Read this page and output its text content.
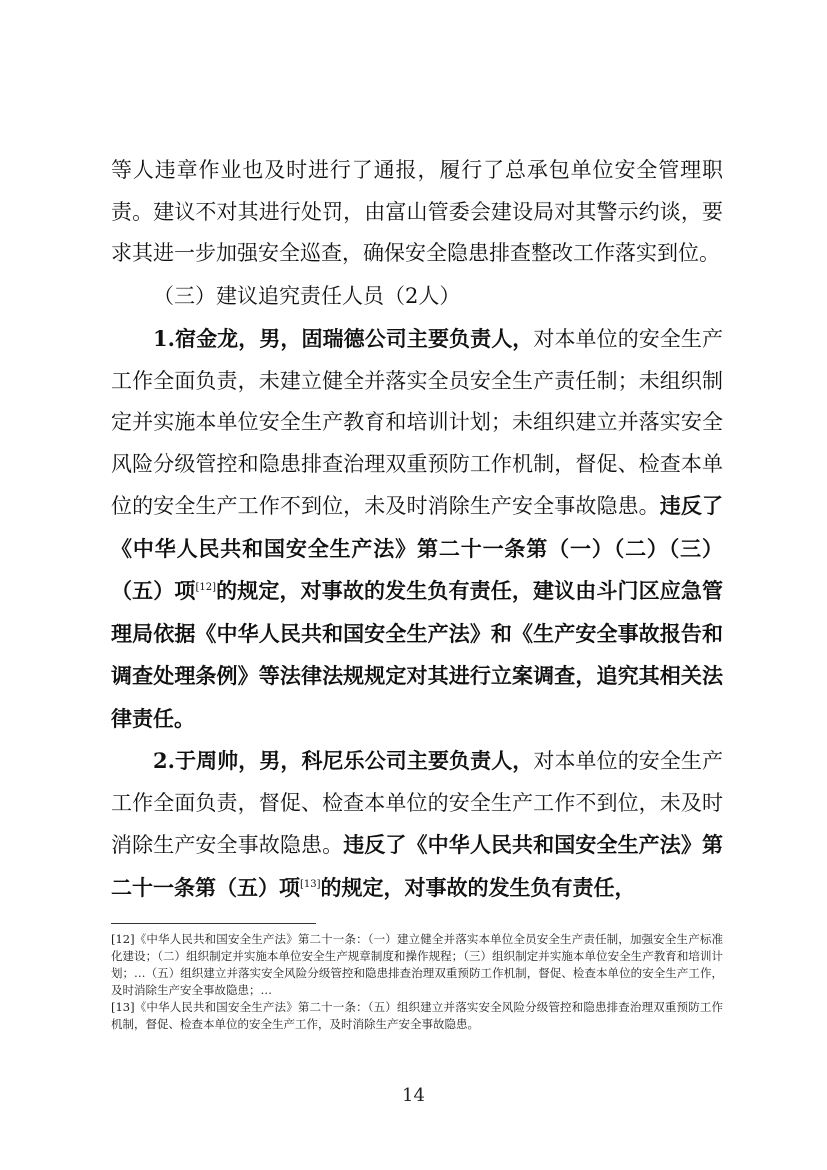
等人违章作业也及时进行了通报，履行了总承包单位安全管理职责。建议不对其进行处罚，由富山管委会建设局对其警示约谈，要求其进一步加强安全巡查，确保安全隐患排查整改工作落实到位。

（三）建议追究责任人员（2人）

1.宿金龙，男，固瑞德公司主要负责人，对本单位的安全生产工作全面负责，未建立健全并落实全员安全生产责任制；未组织制定并实施本单位安全生产教育和培训计划；未组织建立并落实安全风险分级管控和隐患排查治理双重预防工作机制，督促、检查本单位的安全生产工作不到位，未及时消除生产安全事故隐患。违反了《中华人民共和国安全生产法》第二十一条第（一）（二）（三）（五）项[12]的规定，对事故的发生负有责任，建议由斗门区应急管理局依据《中华人民共和国安全生产法》和《生产安全事故报告和调查处理条例》等法律法规规定对其进行立案调查，追究其相关法律责任。

2.于周帅，男，科尼乐公司主要负责人，对本单位的安全生产工作全面负责，督促、检查本单位的安全生产工作不到位，未及时消除生产安全事故隐患。违反了《中华人民共和国安全生产法》第二十一条第（五）项[13]的规定，对事故的发生负有责任，

[12]《中华人民共和国安全生产法》第二十一条：（一）建立健全并落实本单位全员安全生产责任制，加强安全生产标准化建设；（二）组织制定并实施本单位安全生产规章制度和操作规程；（三）组织制定并实施本单位安全生产教育和培训计划；…（五）组织建立并落实安全风险分级管控和隐患排查治理双重预防工作机制，督促、检查本单位的安全生产工作，及时消除生产安全事故隐患；…

[13]《中华人民共和国安全生产法》第二十一条：（五）组织建立并落实安全风险分级管控和隐患排查治理双重预防工作机制，督促、检查本单位的安全生产工作，及时消除生产安全事故隐患。

14
